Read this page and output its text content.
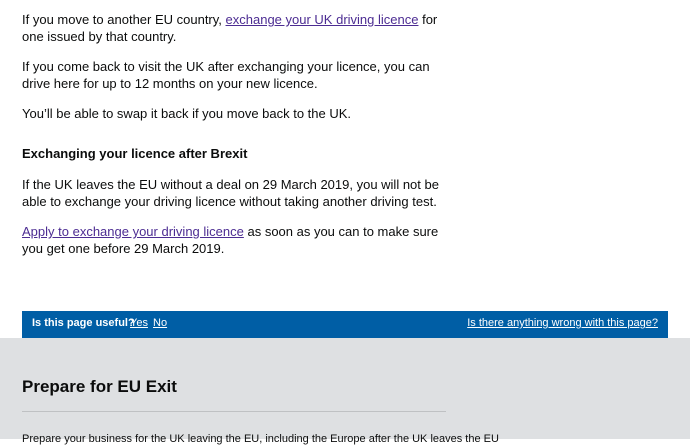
If you move to another EU country, exchange your UK driving licence for one issued by that country.

If you come back to visit the UK after exchanging your licence, you can drive here for up to 12 months on your new licence.

You’ll be able to swap it back if you move back to the UK.

Exchanging your licence after Brexit

If the UK leaves the EU without a deal on 29 March 2019, you will not be able to exchange your driving licence without taking another driving test.

Apply to exchange your driving licence as soon as you can to make sure you get one before 29 March 2019.

Is this page useful?
Yes No	Is there anything wrong with this page?
Prepare for EU Exit
Prepare your business for the UK leaving the EU, including the Europe after the UK leaves the EU
